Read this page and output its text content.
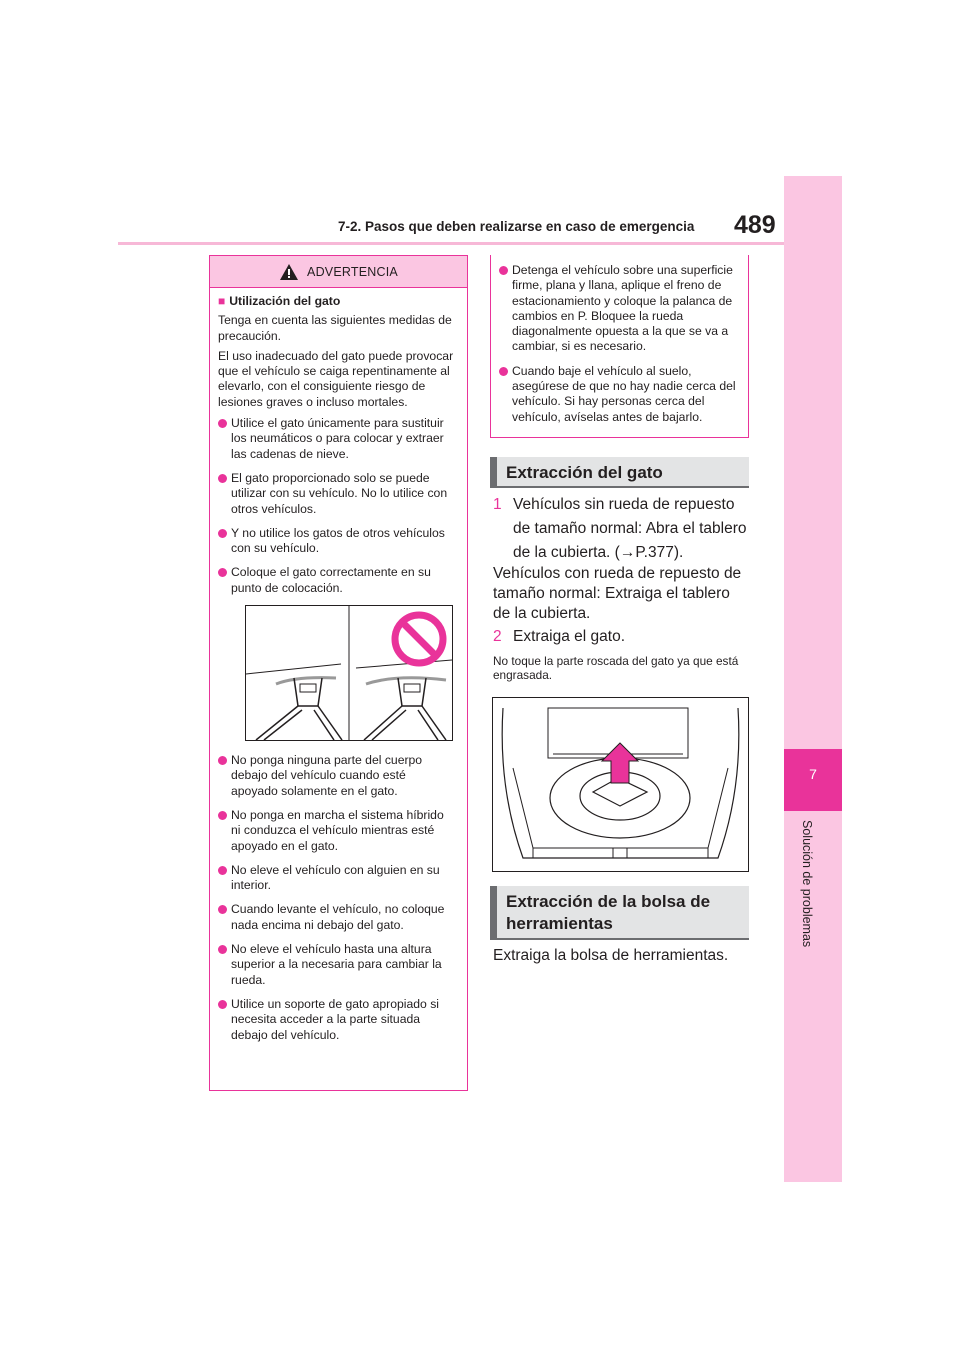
7-2. Pasos que deben realizarse en caso de emergencia 489
7
Solución de problemas
ADVERTENCIA
■ Utilización del gato

Tenga en cuenta las siguientes medidas de precaución.

El uso inadecuado del gato puede provocar que el vehículo se caiga repentinamente al elevarlo, con el consiguiente riesgo de lesiones graves o incluso mortales.

Utilice el gato únicamente para sustituir los neumáticos o para colocar y extraer las cadenas de nieve.
El gato proporcionado solo se puede utilizar con su vehículo. No lo utilice con otros vehículos.
Y no utilice los gatos de otros vehículos con su vehículo.
Coloque el gato correctamente en su punto de colocación.
No ponga ninguna parte del cuerpo debajo del vehículo cuando esté apoyado solamente en el gato.
No ponga en marcha el sistema híbrido ni conduzca el vehículo mientras esté apoyado en el gato.
No eleve el vehículo con alguien en su interior.
Cuando levante el vehículo, no coloque nada encima ni debajo del gato.
No eleve el vehículo hasta una altura superior a la necesaria para cambiar la rueda.
Utilice un soporte de gato apropiado si necesita acceder a la parte situada debajo del vehículo.
Detenga el vehículo sobre una superficie firme, plana y llana, aplique el freno de estacionamiento y coloque la palanca de cambios en P. Bloquee la rueda diagonalmente opuesta a la que se va a cambiar, si es necesario.
Cuando baje el vehículo al suelo, asegúrese de que no hay nadie cerca del vehículo. Si hay personas cerca del vehículo, avíselas antes de bajarlo.
Extracción del gato
1 Vehículos sin rueda de repuesto de tamaño normal: Abra el tablero de la cubierta. (→P.377).
Vehículos con rueda de repuesto de tamaño normal: Extraiga el tablero de la cubierta.
2 Extraiga el gato.
No toque la parte roscada del gato ya que está engrasada.
Extracción de la bolsa de herramientas
Extraiga la bolsa de herramientas.
